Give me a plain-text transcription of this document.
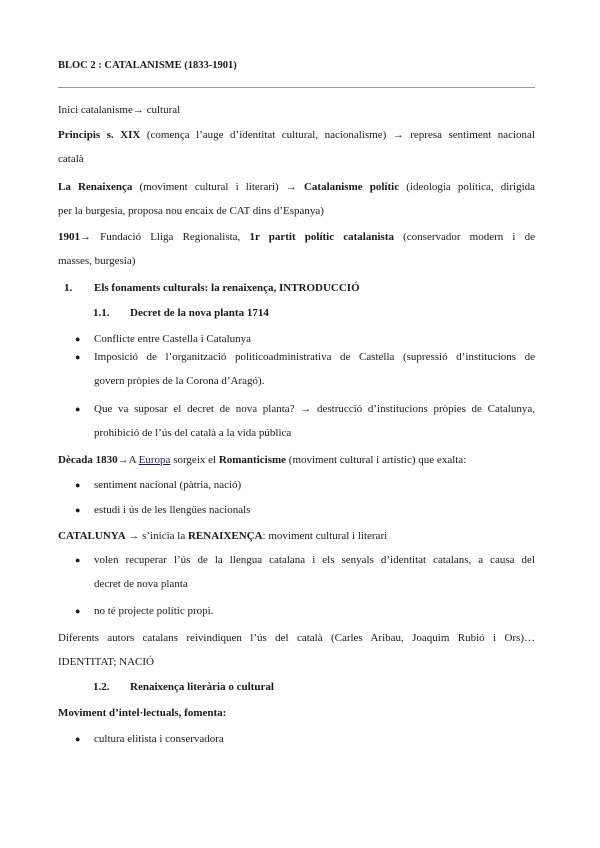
BLOC 2 : CATALANISME (1833-1901)
Inici catalanisme→ cultural
Principis s. XIX (comença l’auge d’identitat cultural, nacionalisme) → represa sentiment nacional
català
La Renaixença (moviment cultural i literari) → Catalanisme polític (ideologia política, dirigida
per la burgesia, proposa nou encaix de CAT dins d’Espanya)
1901→ Fundació Lliga Regionalista, 1r partit polític catalanista (conservador modern i de
masses, burgesia)
1. Els fonaments culturals: la renaixença, INTRODUCCIÓ
1.1. Decret de la nova planta 1714
● Conflicte entre Castella i Catalunya
● Imposició de l’organització politicoadministrativa de Castella (supressió d’institucions de
govern pròpies de la Corona d’Aragó).
● Que va suposar el decret de nova planta? → destrucció d’institucions pròpies de Catalunya,
prohibició de l’ús del català a la vida pública
Dècada 1830→A Europa sorgeix el Romanticisme (moviment cultural i artístic) que exalta:
● sentiment nacional (pàtria, nació)
● estudi i ús de les llengües nacionals
CATALUNYA → s’inicia la RENAIXENÇA: moviment cultural i literari
● volen recuperar l’ús de la llengua catalana i els senyals d’identitat catalans, a causa del
decret de nova planta
● no té projecte polític propi.
Diferents autors catalans reivindiquen l’ús del català (Carles Aribau, Joaquim Rubió i Ors)…
IDENTITAT; NACIÓ
1.2. Renaixença literària o cultural
Moviment d’intel·lectuals, fomenta:
● cultura elitista i conservadora
